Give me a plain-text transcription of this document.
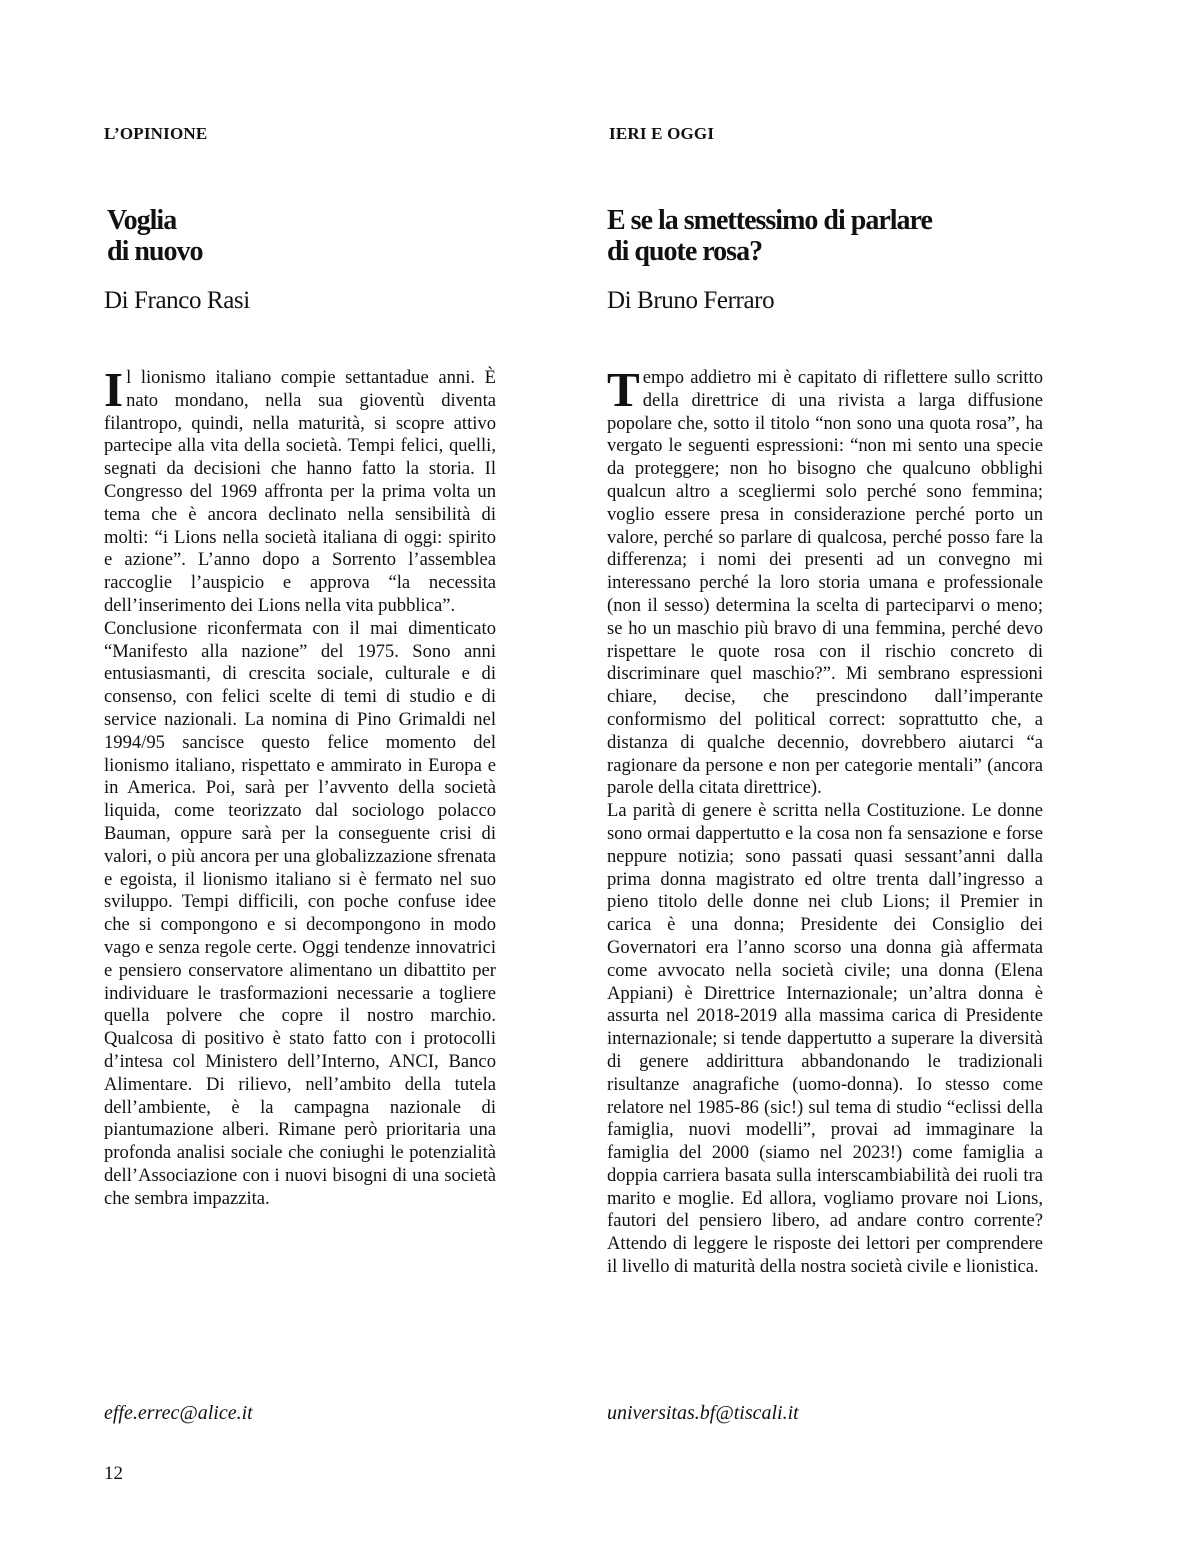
L’OPINIONE
Voglia
di nuovo
Di Franco Rasi

Il lionismo italiano compie settantadue anni. È nato mondano, nella sua gioventù diventa filantropo, quindi, nella maturità, si scopre attivo partecipe alla vita della società. Tempi felici, quelli, segnati da decisioni che hanno fatto la storia. Il Congresso del 1969 affronta per la prima volta un tema che è ancora declinato nella sensibilità di molti: “i Lions nella società italiana di oggi: spirito e azione”. L’anno dopo a Sorrento l’assemblea raccoglie l’auspicio e approva “la necessita dell’inserimento dei Lions nella vita pubblica”.

Conclusione riconfermata con il mai dimenticato “Manifesto alla nazione” del 1975. Sono anni entusiasmanti, di crescita sociale, culturale e di consenso, con felici scelte di temi di studio e di service nazionali. La nomina di Pino Grimaldi nel 1994/95 sancisce questo felice momento del lionismo italiano, rispettato e ammirato in Europa e in America. Poi, sarà per l’avvento della società liquida, come teorizzato dal sociologo polacco Bauman, oppure sarà per la conseguente crisi di valori, o più ancora per una globalizzazione sfrenata e egoista, il lionismo italiano si è fermato nel suo sviluppo. Tempi difficili, con poche confuse idee che si compongono e si decompongono in modo vago e senza regole certe. Oggi tendenze innovatrici e pensiero conservatore alimentano un dibattito per individuare le trasformazioni necessarie a togliere quella polvere che copre il nostro marchio. Qualcosa di positivo è stato fatto con i protocolli d’intesa col Ministero dell’Interno, ANCI, Banco Alimentare. Di rilievo, nell’ambito della tutela dell’ambiente, è la campagna nazionale di piantumazione alberi. Rimane però prioritaria una profonda analisi sociale che coniughi le potenzialità dell’Associazione con i nuovi bisogni di una società che sembra impazzita.

effe.errec@alice.it
IERI E OGGI
E se la smettessimo di parlare
di quote rosa?
Di Bruno Ferraro

Tempo addietro mi è capitato di riflettere sullo scritto della direttrice di una rivista a larga diffusione popolare che, sotto il titolo “non sono una quota rosa”, ha vergato le seguenti espressioni: “non mi sento una specie da proteggere; non ho bisogno che qualcuno obblighi qualcun altro a scegliermi solo perché sono femmina; voglio essere presa in considerazione perché porto un valore, perché so parlare di qualcosa, perché posso fare la differenza; i nomi dei presenti ad un convegno mi interessano perché la loro storia umana e professionale (non il sesso) determina la scelta di parteciparvi o meno; se ho un maschio più bravo di una femmina, perché devo rispettare le quote rosa con il rischio concreto di discriminare quel maschio?”. Mi sembrano espressioni chiare, decise, che prescindono dall’imperante conformismo del political correct: soprattutto che, a distanza di qualche decennio, dovrebbero aiutarci “a ragionare da persone e non per categorie mentali” (ancora parole della citata direttrice).

La parità di genere è scritta nella Costituzione. Le donne sono ormai dappertutto e la cosa non fa sensazione e forse neppure notizia; sono passati quasi sessant’anni dalla prima donna magistrato ed oltre trenta dall’ingresso a pieno titolo delle donne nei club Lions; il Premier in carica è una donna; Presidente dei Consiglio dei Governatori era l’anno scorso una donna già affermata come avvocato nella società civile; una donna (Elena Appiani) è Direttrice Internazionale; un’altra donna è assurta nel 2018-2019 alla massima carica di Presidente internazionale; si tende dappertutto a superare la diversità di genere addirittura abbandonando le tradizionali risultanze anagrafiche (uomo-donna). Io stesso come relatore nel 1985-86 (sic!) sul tema di studio “eclissi della famiglia, nuovi modelli”, provai ad immaginare la famiglia del 2000 (siamo nel 2023!) come famiglia a doppia carriera basata sulla interscambiabilità dei ruoli tra marito e moglie. Ed allora, vogliamo provare noi Lions, fautori del pensiero libero, ad andare contro corrente? Attendo di leggere le risposte dei lettori per comprendere il livello di maturità della nostra società civile e lionistica.

universitas.bf@tiscali.it
12
